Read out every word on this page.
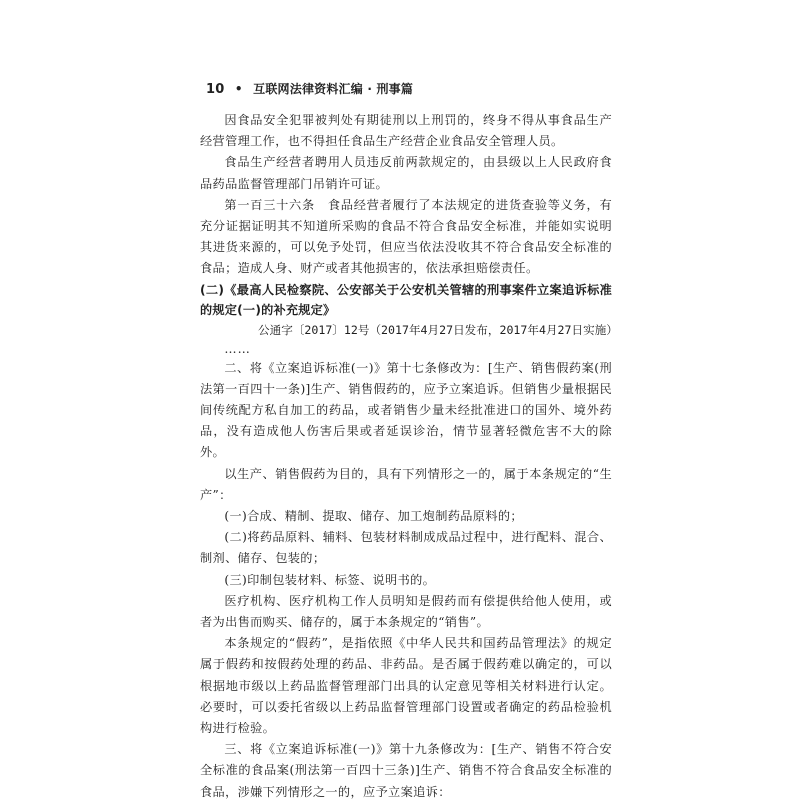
10 • 互联网法律资料汇编 · 刑事篇

因食品安全犯罪被判处有期徒刑以上刑罚的，终身不得从事食品生产经营管理工作，也不得担任食品生产经营企业食品安全管理人员。

食品生产经营者聘用人员违反前两款规定的，由县级以上人民政府食品药品监督管理部门吊销许可证。

第一百三十六条　食品经营者履行了本法规定的进货查验等义务，有充分证据证明其不知道所采购的食品不符合食品安全标准，并能如实说明其进货来源的，可以免予处罚，但应当依法没收其不符合食品安全标准的食品；造成人身、财产或者其他损害的，依法承担赔偿责任。

(二)《最高人民检察院、公安部关于公安机关管辖的刑事案件立案追诉标准的规定(一)的补充规定》

公通字〔2017〕12号（2017年4月27日发布，2017年4月27日实施）

……

二、将《立案追诉标准(一)》第十七条修改为：[生产、销售假药案(刑法第一百四十一条)]生产、销售假药的，应予立案追诉。但销售少量根据民间传统配方私自加工的药品，或者销售少量未经批准进口的国外、境外药品，没有造成他人伤害后果或者延误诊治，情节显著轻微危害不大的除外。

以生产、销售假药为目的，具有下列情形之一的，属于本条规定的“生产”：

(一)合成、精制、提取、储存、加工炮制药品原料的；

(二)将药品原料、辅料、包装材料制成成品过程中，进行配料、混合、制剂、储存、包装的；

(三)印制包装材料、标签、说明书的。

医疗机构、医疗机构工作人员明知是假药而有偿提供给他人使用，或者为出售而购买、储存的，属于本条规定的“销售”。

本条规定的“假药”，是指依照《中华人民共和国药品管理法》的规定属于假药和按假药处理的药品、非药品。是否属于假药难以确定的，可以根据地市级以上药品监督管理部门出具的认定意见等相关材料进行认定。必要时，可以委托省级以上药品监督管理部门设置或者确定的药品检验机构进行检验。

三、将《立案追诉标准(一)》第十九条修改为：[生产、销售不符合安全标准的食品案(刑法第一百四十三条)]生产、销售不符合食品安全标准的食品，涉嫌下列情形之一的，应予立案追诉：
